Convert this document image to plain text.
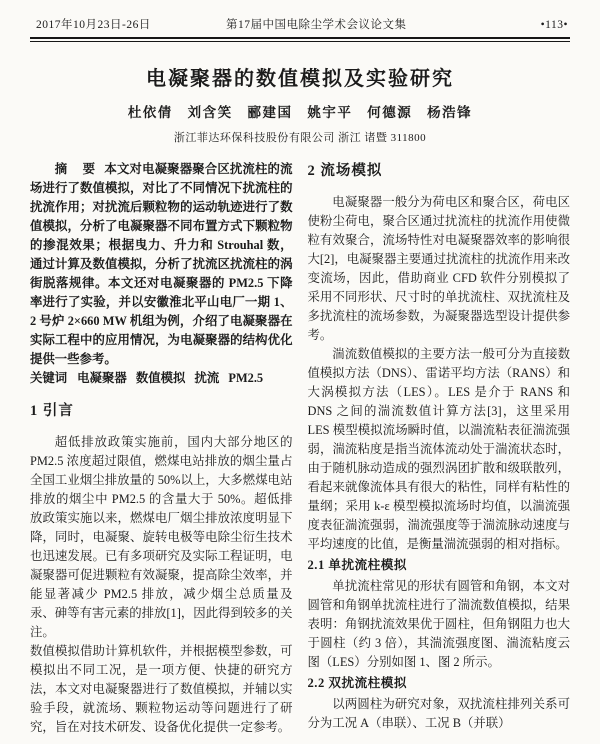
2017年10月23日-26日	第17届中国电除尘学术会议论文集	•113•
电凝聚器的数值模拟及实验研究
杜依倩 刘含笑 郦建国 姚宇平 何德源 杨浩锋
浙江菲达环保科技股份有限公司 浙江 诸暨 311800

摘 要 本文对电凝聚器聚合区扰流柱的流场进行了数值模拟，对比了不同情况下扰流柱的扰流作用；对扰流后颗粒物的运动轨迹进行了数值模拟，分析了电凝聚器不同布置方式下颗粒物的掺混效果；根据曳力、升力和 Strouhal 数，通过计算及数值模拟，分析了扰流区扰流柱的涡街脱落规律。本文还对电凝聚器的 PM2.5 下降率进行了实验，并以安徽淮北平山电厂一期 1、2 号炉 2×660 MW 机组为例，介绍了电凝聚器在实际工程中的应用情况，为电凝聚器的结构优化提供一些参考。

关键词 电凝聚器 数值模拟 扰流 PM2.5

1 引言

超低排放政策实施前，国内大部分地区的 PM2.5 浓度超过限值，燃煤电站排放的烟尘量占全国工业烟尘排放量的 50%以上，大多燃煤电站排放的烟尘中 PM2.5 的含量大于 50%。超低排放政策实施以来，燃煤电厂烟尘排放浓度明显下降，同时，电凝聚、旋转电极等电除尘衍生技术也迅速发展。已有多项研究及实际工程证明，电凝聚器可促进颗粒有效凝聚，提高除尘效率，并能显著减少 PM2.5 排放，减少烟尘总质量及汞、砷等有害元素的排放[1]，因此得到较多的关注。

数值模拟借助计算机软件，并根据模型参数，可模拟出不同工况，是一项方便、快捷的研究方法，本文对电凝聚器进行了数值模拟，并辅以实验手段，就流场、颗粒物运动等问题进行了研究，旨在对技术研发、设备优化提供一定参考。

2 流场模拟

电凝聚器一般分为荷电区和聚合区，荷电区使粉尘荷电，聚合区通过扰流柱的扰流作用使微粒有效聚合，流场特性对电凝聚器效率的影响很大[2]，电凝聚器主要通过扰流柱的扰流作用来改变流场，因此，借助商业 CFD 软件分别模拟了采用不同形状、尺寸时的单扰流柱、双扰流柱及多扰流柱的流场参数，为凝聚器选型设计提供参考。

湍流数值模拟的主要方法一般可分为直接数值模拟方法（DNS）、雷诺平均方法（RANS）和大涡模拟方法（LES）。LES 是介于 RANS 和 DNS 之间的湍流数值计算方法[3]，这里采用 LES 模型模拟流场瞬时值，以湍流粘表征湍流强弱，湍流粘度是指当流体流动处于湍流状态时，由于随机脉动造成的强烈涡团扩散和级联散列，看起来就像流体具有很大的粘性，同样有粘性的量纲；采用 k-ε 模型模拟流场时均值，以湍流强度表征湍流强弱，湍流强度等于湍流脉动速度与平均速度的比值，是衡量湍流强弱的相对指标。

2.1 单扰流柱模拟

单扰流柱常见的形状有圆管和角钢，本文对圆管和角钢单扰流柱进行了湍流数值模拟，结果表明：角钢扰流效果优于圆柱，但角钢阻力也大于圆柱（约 3 倍），其湍流强度图、湍流粘度云图（LES）分别如图 1、图 2 所示。

2.2 双扰流柱模拟

以两圆柱为研究对象，双扰流柱排列关系可分为工况 A（串联）、工况 B（并联）
